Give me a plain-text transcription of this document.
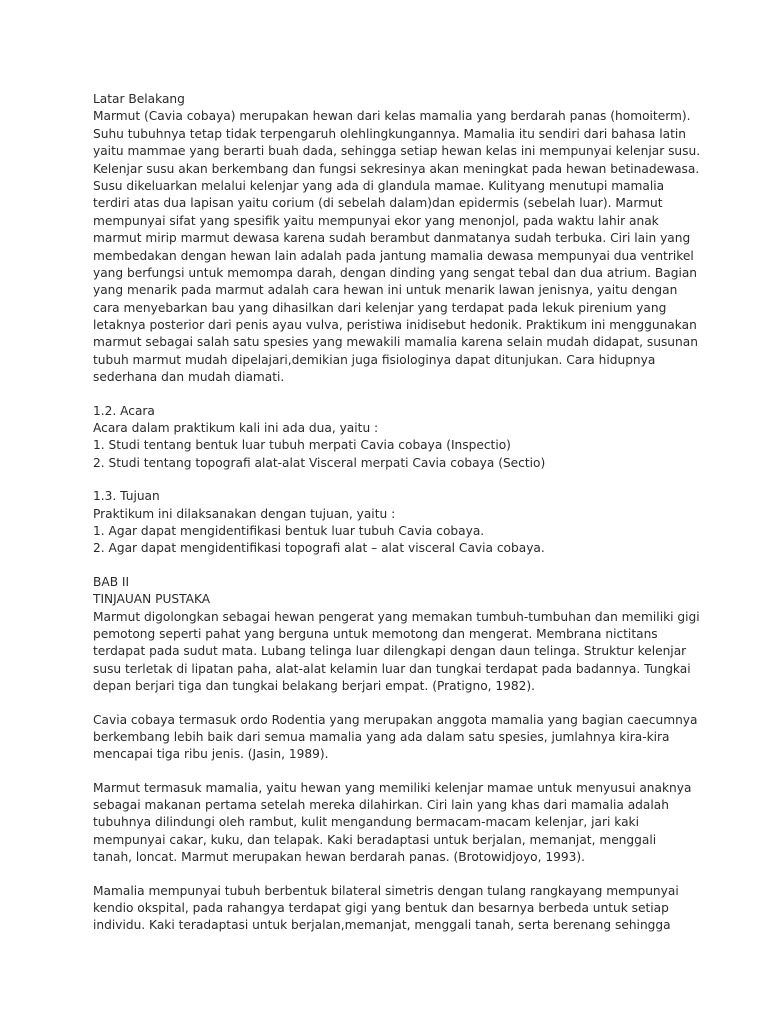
Latar Belakang
Marmut (Cavia cobaya) merupakan hewan dari kelas mamalia yang berdarah panas (homoiterm).
Suhu tubuhnya tetap tidak terpengaruh olehlingkungannya. Mamalia itu sendiri dari bahasa latin
yaitu mammae yang berarti buah dada, sehingga setiap hewan kelas ini mempunyai kelenjar susu.
Kelenjar susu akan berkembang dan fungsi sekresinya akan meningkat pada hewan betinadewasa.
Susu dikeluarkan melalui kelenjar yang ada di glandula mamae. Kulityang menutupi mamalia
terdiri atas dua lapisan yaitu corium (di sebelah dalam)dan epidermis (sebelah luar). Marmut
mempunyai sifat yang spesifik yaitu mempunyai ekor yang menonjol, pada waktu lahir anak
marmut mirip marmut dewasa karena sudah berambut danmatanya sudah terbuka. Ciri lain yang
membedakan dengan hewan lain adalah pada jantung mamalia dewasa mempunyai dua ventrikel
yang berfungsi untuk memompa darah, dengan dinding yang sengat tebal dan dua atrium. Bagian
yang menarik pada marmut adalah cara hewan ini untuk menarik lawan jenisnya, yaitu dengan
cara menyebarkan bau yang dihasilkan dari kelenjar yang terdapat pada lekuk pirenium yang
letaknya posterior dari penis ayau vulva, peristiwa inidisebut hedonik. Praktikum ini menggunakan
marmut sebagai salah satu spesies yang mewakili mamalia karena selain mudah didapat, susunan
tubuh marmut mudah dipelajari,demikian juga fisiologinya dapat ditunjukan. Cara hidupnya
sederhana dan mudah diamati.
1.2. Acara
Acara dalam praktikum kali ini ada dua, yaitu :
1. Studi tentang bentuk luar tubuh merpati Cavia cobaya (Inspectio)
2. Studi tentang topografi alat-alat Visceral merpati Cavia cobaya (Sectio)
1.3. Tujuan
Praktikum ini dilaksanakan dengan tujuan, yaitu :
1. Agar dapat mengidentifikasi bentuk luar tubuh Cavia cobaya.
2. Agar dapat mengidentifikasi topografi alat – alat visceral Cavia cobaya.
BAB II
TINJAUAN PUSTAKA
Marmut digolongkan sebagai hewan pengerat yang memakan tumbuh-tumbuhan dan memiliki gigi
pemotong seperti pahat yang berguna untuk memotong dan mengerat. Membrana nictitans
terdapat pada sudut mata. Lubang telinga luar dilengkapi dengan daun telinga. Struktur kelenjar
susu terletak di lipatan paha, alat-alat kelamin luar dan tungkai terdapat pada badannya. Tungkai
depan berjari tiga dan tungkai belakang berjari empat. (Pratigno, 1982).
Cavia cobaya termasuk ordo Rodentia yang merupakan anggota mamalia yang bagian caecumnya
berkembang lebih baik dari semua mamalia yang ada dalam satu spesies, jumlahnya kira-kira
mencapai tiga ribu jenis. (Jasin, 1989).
Marmut termasuk mamalia, yaitu hewan yang memiliki kelenjar mamae untuk menyusui anaknya
sebagai makanan pertama setelah mereka dilahirkan. Ciri lain yang khas dari mamalia adalah
tubuhnya dilindungi oleh rambut, kulit mengandung bermacam-macam kelenjar, jari kaki
mempunyai cakar, kuku, dan telapak. Kaki beradaptasi untuk berjalan, memanjat, menggali
tanah, loncat. Marmut merupakan hewan berdarah panas. (Brotowidjoyo, 1993).
Mamalia mempunyai tubuh berbentuk bilateral simetris dengan tulang rangkayang mempunyai
kendio okspital, pada rahangya terdapat gigi yang bentuk dan besarnya berbeda untuk setiap
individu. Kaki teradaptasi untuk berjalan,memanjat, menggali tanah, serta berenang sehingga
